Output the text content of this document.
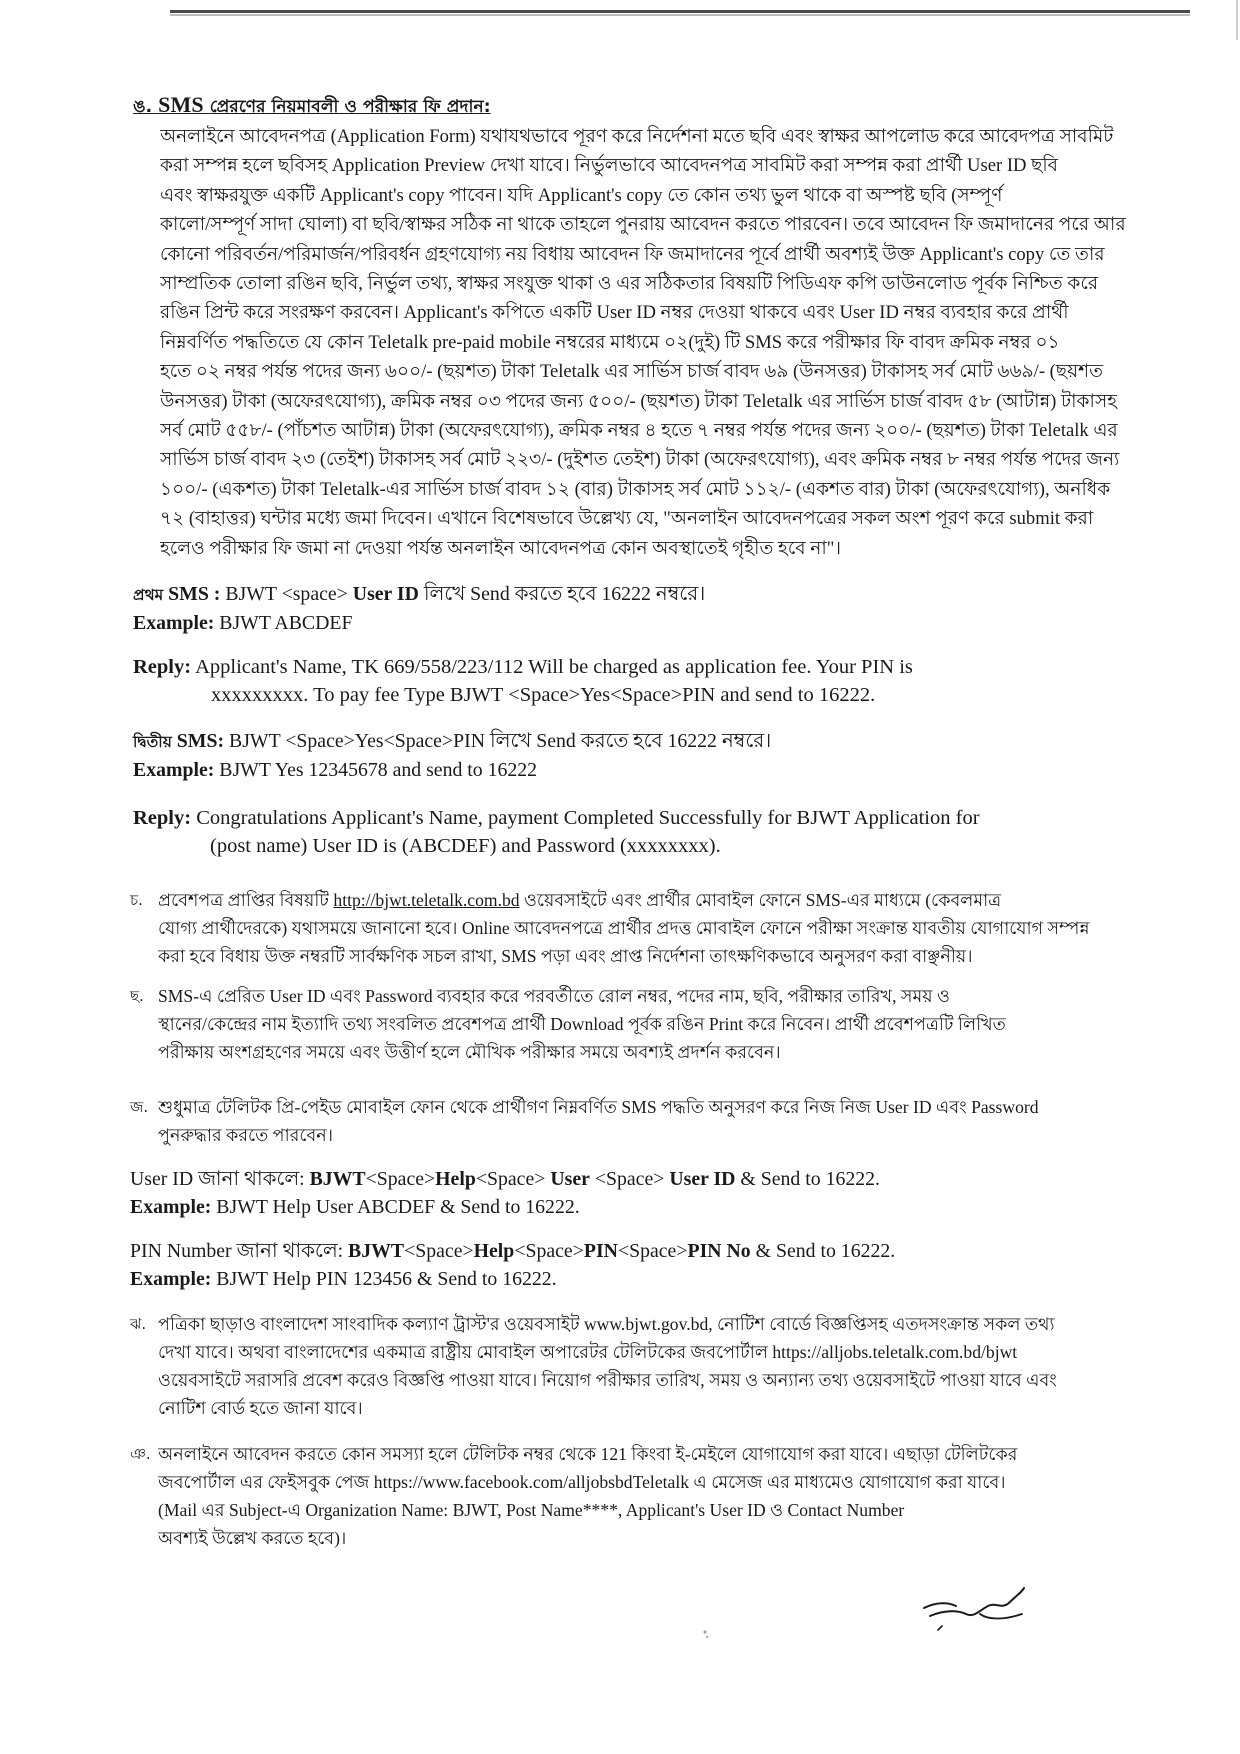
ঙ. SMS প্রেরণের নিয়মাবলী ও পরীক্ষার ফি প্রদান:
অনলাইনে আবেদনপত্র (Application Form) যথাযথভাবে পূরণ করে নির্দেশনা মতে ছবি এবং স্বাক্ষর আপলোড করে আবেদপত্র সাবমিট
করা সম্পন্ন হলে ছবিসহ Application Preview দেখা যাবে। নির্ভুলভাবে আবেদনপত্র সাবমিট করা সম্পন্ন করা প্রার্থী User ID ছবি
এবং স্বাক্ষরযুক্ত একটি Applicant's copy পাবেন। যদি Applicant's copy তে কোন তথ্য ভুল থাকে বা অস্পষ্ট ছবি (সম্পূর্ণ
কালো/সম্পূর্ণ সাদা ঘোলা) বা ছবি/স্বাক্ষর সঠিক না থাকে তাহলে পুনরায় আবেদন করতে পারবেন। তবে আবেদন ফি জমাদানের পরে আর
কোনো পরিবর্তন/পরিমার্জন/পরিবর্ধন গ্রহণযোগ্য নয় বিধায় আবেদন ফি জমাদানের পূর্বে প্রার্থী অবশ্যই উক্ত Applicant's copy তে তার
সাম্প্রতিক তোলা রঙিন ছবি, নির্ভুল তথ্য, স্বাক্ষর সংযুক্ত থাকা ও এর সঠিকতার বিষয়টি পিডিএফ কপি ডাউনলোড পূর্বক নিশ্চিত করে
রঙিন প্রিন্ট করে সংরক্ষণ করবেন। Applicant's কপিতে একটি User ID নম্বর দেওয়া থাকবে এবং User ID নম্বর ব্যবহার করে প্রার্থী
নিম্নবর্ণিত পদ্ধতিতে যে কোন Teletalk pre-paid mobile নম্বরের মাধ্যমে ০২(দুই) টি SMS করে পরীক্ষার ফি বাবদ ক্রমিক নম্বর ০১
হতে ০২ নম্বর পর্যন্ত পদের জন্য ৬০০/- (ছয়শত) টাকা Teletalk এর সার্ভিস চার্জ বাবদ ৬৯ (উনসত্তর) টাকাসহ সর্ব মোট ৬৬৯/- (ছয়শত
উনসত্তর) টাকা (অফেরৎযোগ্য), ক্রমিক নম্বর ০৩ পদের জন্য ৫০০/- (ছয়শত) টাকা Teletalk এর সার্ভিস চার্জ বাবদ ৫৮ (আটান্ন) টাকাসহ
সর্ব মোট ৫৫৮/- (পাঁচশত আটান্ন) টাকা (অফেরৎযোগ্য), ক্রমিক নম্বর ৪ হতে ৭ নম্বর পর্যন্ত পদের জন্য ২০০/- (ছয়শত) টাকা Teletalk এর
সার্ভিস চার্জ বাবদ ২৩ (তেইশ) টাকাসহ সর্ব মোট ২২৩/- (দুইশত তেইশ) টাকা (অফেরৎযোগ্য), এবং ক্রমিক নম্বর ৮ নম্বর পর্যন্ত পদের জন্য
১০০/- (একশত) টাকা Teletalk-এর সার্ভিস চার্জ বাবদ ১২ (বার) টাকাসহ সর্ব মোট ১১২/- (একশত বার) টাকা (অফেরৎযোগ্য), অনধিক
৭২ (বাহাত্তর) ঘন্টার মধ্যে জমা দিবেন। এখানে বিশেষভাবে উল্লেখ্য যে, "অনলাইন আবেদনপত্রের সকল অংশ পূরণ করে submit করা
হলেও পরীক্ষার ফি জমা না দেওয়া পর্যন্ত অনলাইন আবেদনপত্র কোন অবস্থাতেই গৃহীত হবে না"।
প্রথম SMS : BJWT <space> User ID লিখে Send করতে হবে 16222 নম্বরে।
Example: BJWT ABCDEF
Reply: Applicant's Name, TK 669/558/223/112 Will be charged as application fee. Your PIN is
xxxxxxxxx. To pay fee Type BJWT <Space>Yes<Space>PIN and send to 16222.
দ্বিতীয় SMS: BJWT <Space>Yes<Space>PIN লিখে Send করতে হবে 16222 নম্বরে।
Example: BJWT Yes 12345678 and send to 16222
Reply: Congratulations Applicant's Name, payment Completed Successfully for BJWT Application for
(post name) User ID is (ABCDEF) and Password (xxxxxxxx).
চ. প্রবেশপত্র প্রাপ্তির বিষয়টি http://bjwt.teletalk.com.bd ওয়েবসাইটে এবং প্রার্থীর মোবাইল ফোনে SMS-এর মাধ্যমে (কেবলমাত্র
যোগ্য প্রার্থীদেরকে) যথাসময়ে জানানো হবে। Online আবেদনপত্রে প্রার্থীর প্রদত্ত মোবাইল ফোনে পরীক্ষা সংক্রান্ত যাবতীয় যোগাযোগ সম্পন্ন
করা হবে বিধায় উক্ত নম্বরটি সার্বক্ষণিক সচল রাখা, SMS পড়া এবং প্রাপ্ত নির্দেশনা তাৎক্ষণিকভাবে অনুসরণ করা বাঞ্ছনীয়।
ছ. SMS-এ প্রেরিত User ID এবং Password ব্যবহার করে পরবর্তীতে রোল নম্বর, পদের নাম, ছবি, পরীক্ষার তারিখ, সময় ও
স্থানের/কেন্দ্রের নাম ইত্যাদি তথ্য সংবলিত প্রবেশপত্র প্রার্থী Download পূর্বক রঙিন Print করে নিবেন। প্রার্থী প্রবেশপত্রটি লিখিত
পরীক্ষায় অংশগ্রহণের সময়ে এবং উত্তীর্ণ হলে মৌখিক পরীক্ষার সময়ে অবশ্যই প্রদর্শন করবেন।
জ. শুধুমাত্র টেলিটক প্রি-পেইড মোবাইল ফোন থেকে প্রার্থীগণ নিম্নবর্ণিত SMS পদ্ধতি অনুসরণ করে নিজ নিজ User ID এবং Password
পুনরুদ্ধার করতে পারবেন।
User ID জানা থাকলে: BJWT<Space>Help<Space> User <Space> User ID & Send to 16222.
Example: BJWT Help User ABCDEF & Send to 16222.
PIN Number জানা থাকলে: BJWT<Space>Help<Space>PIN<Space>PIN No & Send to 16222.
Example: BJWT Help PIN 123456 & Send to 16222.
ঝ. পত্রিকা ছাড়াও বাংলাদেশ সাংবাদিক কল্যাণ ট্রাস্ট'র ওয়েবসাইট www.bjwt.gov.bd, নোটিশ বোর্ডে বিজ্ঞপ্তিসহ এতদসংক্রান্ত সকল তথ্য
দেখা যাবে। অথবা বাংলাদেশের একমাত্র রাষ্ট্রীয় মোবাইল অপারেটর টেলিটকের জবপোর্টাল https://alljobs.teletalk.com.bd/bjwt
ওয়েবসাইটে সরাসরি প্রবেশ করেও বিজ্ঞপ্তি পাওয়া যাবে। নিয়োগ পরীক্ষার তারিখ, সময় ও অন্যান্য তথ্য ওয়েবসাইটে পাওয়া যাবে এবং
নোটিশ বোর্ড হতে জানা যাবে।
ঞ. অনলাইনে আবেদন করতে কোন সমস্যা হলে টেলিটক নম্বর থেকে 121 কিংবা ই-মেইলে যোগাযোগ করা যাবে। এছাড়া টেলিটকের
জবপোর্টাল এর ফেইসবুক পেজ https://www.facebook.com/alljobsbdTeletalk এ মেসেজ এর মাধ্যমেও যোগাযোগ করা যাবে।
(Mail এর Subject-এ Organization Name: BJWT, Post Name****, Applicant's User ID ও Contact Number
অবশ্যই উল্লেখ করতে হবে)।
